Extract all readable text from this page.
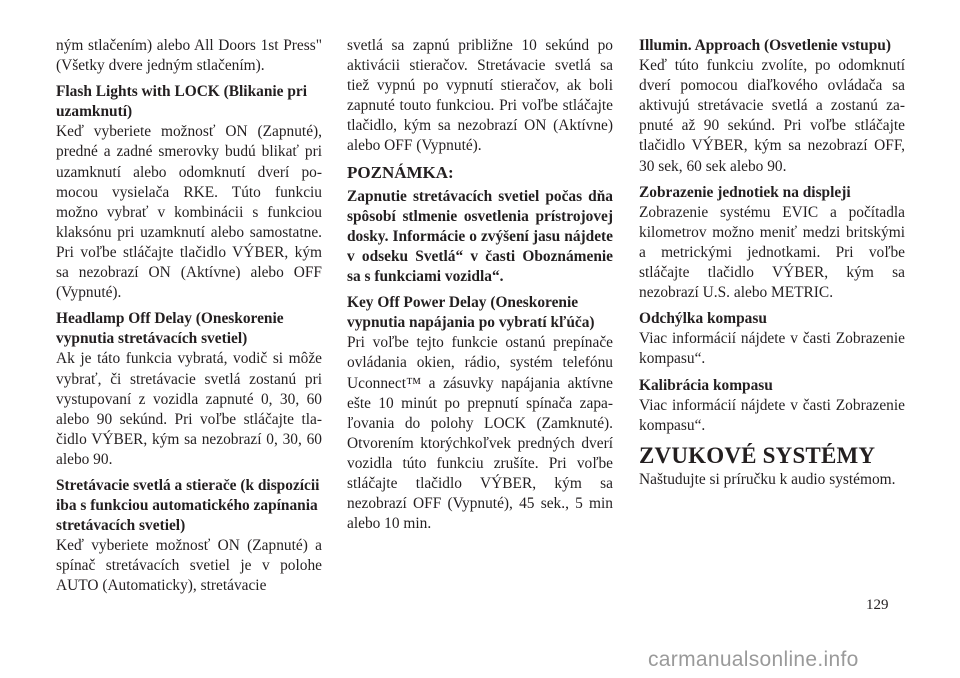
ným stlačením) alebo All Doors 1st Press" (Všetky dvere jedným stlačením).

Flash Lights with LOCK (Blikanie pri uzamknutí)
Keď vyberiete možnosť ON (Zapnuté), predné a zadné smerovky budú blikať pri uzamknutí alebo odomknutí dverí pomocou vysielača RKE. Túto funkciu možno vybrať v kombinácii s funkciou klaksónu pri uzamknutí alebo samostatne. Pri voľbe stláčajte tlačidlo VÝBER, kým sa nezobrazí ON (Aktívne) alebo OFF (Vypnuté).
Headlamp Off Delay (Oneskorenie vypnutia stretávacích svetiel)
Ak je táto funkcia vybratá, vodič si môže vybrať, či stretávacie svetlá zostanú pri vystupovaní z vozidla zapnuté 0, 30, 60 alebo 90 sekúnd. Pri voľbe stláčajte tlačidlo VÝBER, kým sa nezobrazí 0, 30, 60 alebo 90.
Stretávacie svetlá a stierače (k dispozícii iba s funkciou automatického zapínania stretávacích svetiel)
Keď vyberiete možnosť ON (Zapnuté) a spínač stretávacích svetiel je v polohe AUTO (Automaticky), stretávacie

svetlá sa zapnú približne 10 sekúnd po aktivácii stieračov. Stretávacie svetlá sa tiež vypnú po vypnutí stieračov, ak boli zapnuté touto funkciou. Pri voľbe stláčajte tlačidlo, kým sa nezobrazí ON (Aktívne) alebo OFF (Vypnuté).

POZNÁMKA:
Zapnutie stretávacích svetiel počas dňa spôsobí stlmenie osvetlenia prístrojovej dosky. Informácie o zvýšení jasu nájdete v odseku Svetlá“ v časti Oboznámenie sa s funkciami vozidla“.
Key Off Power Delay (Oneskorenie vypnutia napájania po vybratí kľúča)
Pri voľbe tejto funkcie ostanú prepínače ovládania okien, rádio, systém telefónu Uconnect™ a zásuvky napájania aktívne ešte 10 minút po prepnutí spínača zapaľovania do polohy LOCK (Zamknuté). Otvorením ktorýchkoľvek predných dverí vozidla túto funkciu zrušíte. Pri voľbe stláčajte tlačidlo VÝBER, kým sa nezobrazí OFF (Vypnuté), 45 sek., 5 min alebo 10 min.
Illumin. Approach (Osvetlenie vstupu)
Keď túto funkciu zvolíte, po odomknutí dverí pomocou diaľkového ovládača sa aktivujú stretávacie svetlá a zostanú zapnuté až 90 sekúnd. Pri voľbe stláčajte tlačidlo VÝBER, kým sa nezobrazí OFF, 30 sek, 60 sek alebo 90.
Zobrazenie jednotiek na displeji
Zobrazenie systému EVIC a počítadla kilometrov možno meniť medzi britskými a metrickými jednotkami. Pri voľbe stláčajte tlačidlo VÝBER, kým sa nezobrazí U.S. alebo METRIC.
Odchýlka kompasu
Viac informácií nájdete v časti Zobrazenie kompasu“.
Kalibrácia kompasu
Viac informácií nájdete v časti Zobrazenie kompasu“.
ZVUKOVÉ SYSTÉMY
Naštudujte si príručku k audio systémom.
129
carmanualsonline.info
